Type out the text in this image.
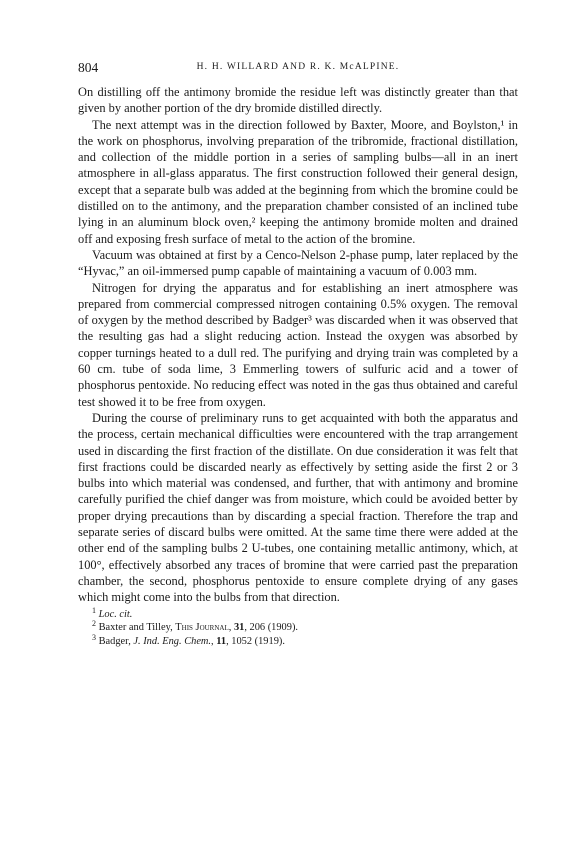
804	H. H. WILLARD AND R. K. McALPINE.

On distilling off the antimony bromide the residue left was distinctly greater than that given by another portion of the dry bromide distilled directly.

The next attempt was in the direction followed by Baxter, Moore, and Boylston,¹ in the work on phosphorus, involving preparation of the tribromide, fractional distillation, and collection of the middle portion in a series of sampling bulbs—all in an inert atmosphere in all-glass apparatus. The first construction followed their general design, except that a separate bulb was added at the beginning from which the bromine could be distilled on to the antimony, and the preparation chamber consisted of an inclined tube lying in an aluminum block oven,² keeping the antimony bromide molten and drained off and exposing fresh surface of metal to the action of the bromine.

Vacuum was obtained at first by a Cenco-Nelson 2-phase pump, later replaced by the “Hyvac,” an oil-immersed pump capable of maintaining a vacuum of 0.003 mm.

Nitrogen for drying the apparatus and for establishing an inert atmosphere was prepared from commercial compressed nitrogen containing 0.5% oxygen. The removal of oxygen by the method described by Badger³ was discarded when it was observed that the resulting gas had a slight reducing action. Instead the oxygen was absorbed by copper turnings heated to a dull red. The purifying and drying train was completed by a 60 cm. tube of soda lime, 3 Emmerling towers of sulfuric acid and a tower of phosphorus pentoxide. No reducing effect was noted in the gas thus obtained and careful test showed it to be free from oxygen.

During the course of preliminary runs to get acquainted with both the apparatus and the process, certain mechanical difficulties were encountered with the trap arrangement used in discarding the first fraction of the distillate. On due consideration it was felt that first fractions could be discarded nearly as effectively by setting aside the first 2 or 3 bulbs into which material was condensed, and further, that with antimony and bromine carefully purified the chief danger was from moisture, which could be avoided better by proper drying precautions than by discarding a special fraction. Therefore the trap and separate series of discard bulbs were omitted. At the same time there were added at the other end of the sampling bulbs 2 U-tubes, one containing metallic antimony, which, at 100°, effectively absorbed any traces of bromine that were carried past the preparation chamber, the second, phosphorus pentoxide to ensure complete drying of any gases which might come into the bulbs from that direction.

$^1$ Loc. cit.

$^2$ Baxter and Tilley, This Journal, 31, 206 (1909).

$^3$ Badger, J. Ind. Eng. Chem., 11, 1052 (1919).
